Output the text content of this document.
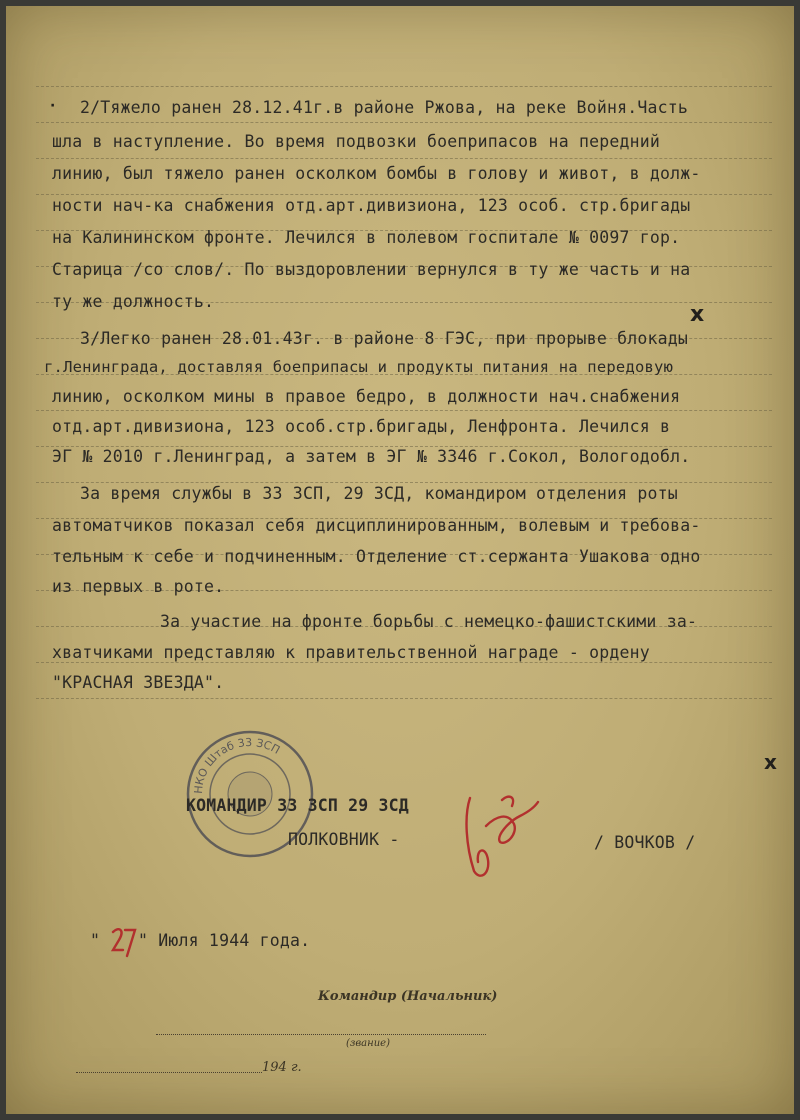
2/Тяжело ранен 28.12.41г.в районе Ржова, на реке Войня.Часть
шла в наступление. Во время подвозки боеприпасов на передний
линию, был тяжело ранен осколком бомбы в голову и живот, в долж-
ности нач-ка снабжения отд.арт.дивизиона, 123 особ. стр.бригады
на Калининском фронте. Лечился в полевом госпитале № 0097 гор.
Старица /со слов/. По выздоровлении вернулся в ту же часть и на
ту же должность.
3/Легко ранен 28.01.43г. в районе 8 ГЭС, при прорыве блокады
г.Ленинграда, доставляя боеприпасы и продукты питания на передовую
линию, осколком мины в правое бедро, в должности нач.снабжения
отд.арт.дивизиона, 123 особ.стр.бригады, Ленфронта. Лечился в
ЭГ № 2010 г.Ленинград, а затем в ЭГ № 3346 г.Сокол, Вологодобл.
За время службы в 33 ЗСП, 29 ЗСД, командиром отделения роты
автоматчиков показал себя дисциплинированным, волевым и требова-
тельным к себе и подчиненным. Отделение ст.сержанта Ушакова одно
из первых в роте.
За участие на фронте борьбы с немецко-фашистскими за-
хватчиками представляю к правительственной награде - ордену
"КРАСНАЯ ЗВЕЗДА".
НКО Штаб 33 ЗСП
КОМАНДИР 33 ЗСП 29 ЗСД
ПОЛКОВНИК -	/ ВОЧКОВ /
"
27
" Июля 1944 года.
Командир (Начальник)
(звание)
194 г.
х
х
·
